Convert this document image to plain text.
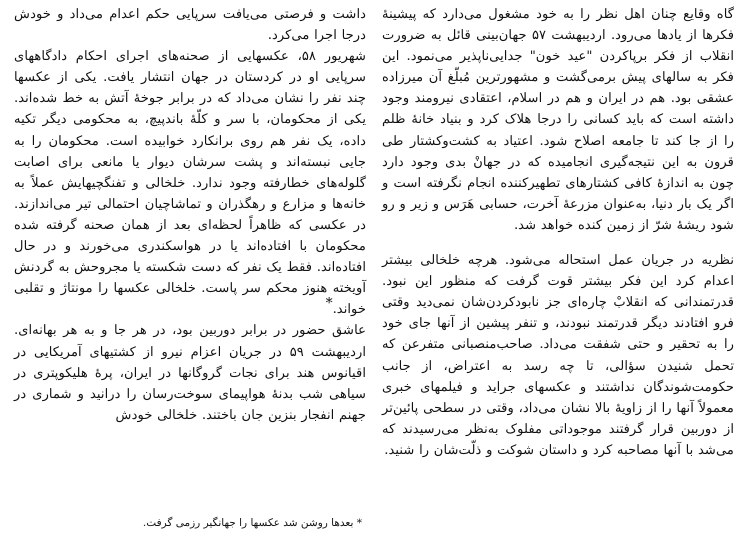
گاه وقایع چنان اهل نظر را به خود مشغول می‌دارد که پیشینهٔ فکرها از یادها می‌رود. اردیبهشت ۵۷ جهان‌بینی قائل به ضرورت انقلاب از فکر برپاکردن "عید خون" جدایی‌ناپذیر می‌نمود. این فکر به سالهای پیش برمی‌گشت و مشهورترین مُبلّغ آن میرزاده عشقی بود. هم در ایران و هم در اسلام، اعتقادی نیرومند وجود داشته است که باید کسانی را درجا هلاک کرد و بنیاد خانهٔ ظلم را از جا کند تا جامعه اصلاح شود. اعتیاد به کشت‌وکشتار طی قرون به این نتیجه‌گیری انجامیده که در جهانْ بدی وجود دارد چون به اندازهٔ کافی کشتارهای تطهیرکننده انجام نگرفته است و اگر یک بار دنیا، به‌عنوان مزرعهٔ آخرت، حسابی هَرَس و زیر و رو شود ریشهٔ شرّ از زمین کنده خواهد شد.

نظریه در جریان عمل استحاله می‌شود. هرچه خلخالی بیشتر اعدام کرد این فکر بیشتر قوت گرفت که منظور این نبود. قدرتمندانی که انقلابْ چاره‌ای جز نابودکردن‌شان نمی‌دید وقتی فرو افتادند دیگر قدرتمند نبودند، و تنفر پیشین از آنها جای خود را به تحقیر و حتی شفقت می‌داد. صاحب‌منصبانی متفرعن که تحمل شنیدن سؤالی، تا چه رسد به اعتراض، از جانب حکومت‌شوندگان نداشتند و عکسهای جراید و فیلمهای خبری معمولاً آنها را از زاویهٔ بالا نشان می‌داد، وقتی در سطحی پائین‌تر از دوربین قرار گرفتند موجوداتی مفلوک به‌نظر می‌رسیدند که می‌شد با آنها مصاحبه کرد و داستان شوکت و ذلّت‌شان را شنید.

داشت و فرصتی می‌یافت سرپایی حکم اعدام می‌داد و خودش درجا اجرا می‌کرد.

شهریور ۵۸، عکسهایی از صحنه‌های اجرای احکام دادگاههای سرپایی او در کردستان در جهان انتشار یافت. یکی از عکسها چند نفر را نشان می‌داد که در برابر جوخهٔ آتش به خط شده‌اند. یکی از محکومان، با سر و کلّهٔ باندپیچ، به محکومی دیگر تکیه داده، یک نفر هم روی برانکارد خوابیده است. محکومان را به جایی نبسته‌اند و پشت سرشان دیوار یا مانعی برای اصابت گلوله‌های خطارفته وجود ندارد. خلخالی و تفنگچیهایش عملاً به خانه‌ها و مزارع و رهگذران و تماشاچیان احتمالی تیر می‌اندازند. در عکسی که ظاهراً لحظه‌ای بعد از همان صحنه گرفته شده محکومان با افتاده‌اند یا در هواسکندری می‌خورند و در حال افتاده‌اند. فقط یک نفر که دست شکسته یا مجروحش به گردنش آویخته هنوز محکم سر پاست. خلخالی عکسها را مونتاژ و تقلبی خواند.*

عاشق حضور در برابر دوربین بود، در هر جا و به هر بهانه‌ای. اردیبهشت ۵۹ در جریان اعزام نیرو از کشتیهای آمریکایی در اقیانوس هند برای نجات گروگانها در ایران، پرهٔ هلیکوپتری در سیاهی شب بدنهٔ هواپیمای سوخت‌رسان را درانید و شماری در جهنم انفجار بنزین جان باختند. خلخالی خودش

* بعدها روشن شد عکسها را جهانگیر رزمی گرفت.
